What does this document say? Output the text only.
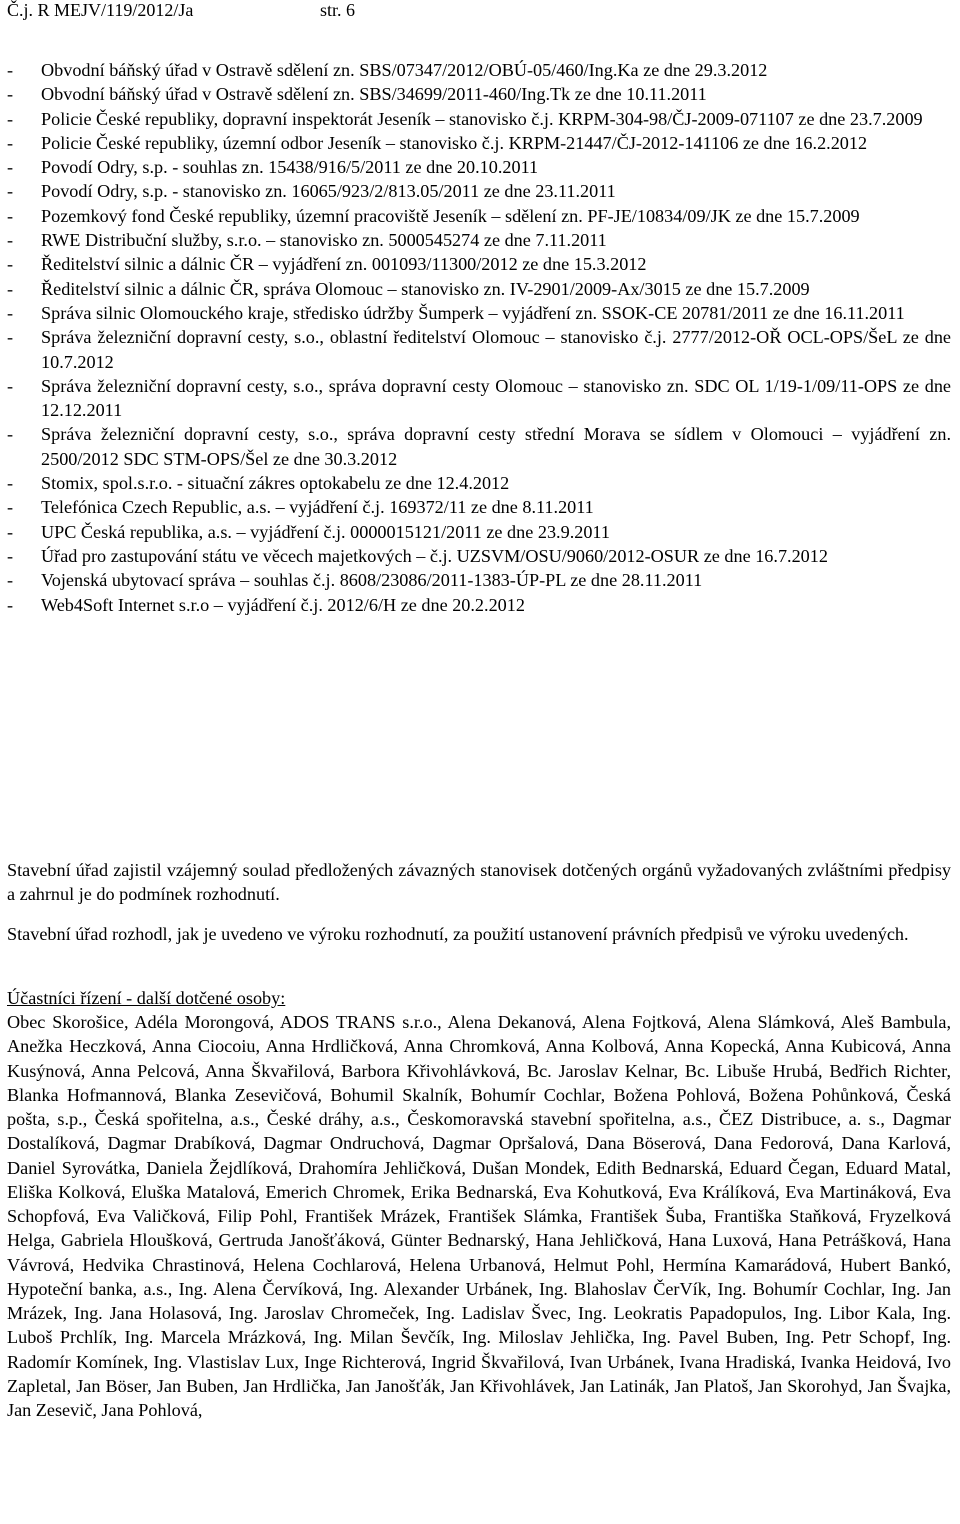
Č.j. R MEJV/119/2012/Ja	str. 6
- Obvodní báňský úřad v Ostravě sdělení zn. SBS/07347/2012/OBÚ-05/460/Ing.Ka ze dne 29.3.2012
- Obvodní báňský úřad v Ostravě sdělení zn. SBS/34699/2011-460/Ing.Tk ze dne 10.11.2011
- Policie České republiky, dopravní inspektorát Jeseník – stanovisko č.j. KRPM-304-98/ČJ-2009-071107 ze dne 23.7.2009
- Policie České republiky, územní odbor Jeseník – stanovisko č.j. KRPM-21447/ČJ-2012-141106 ze dne 16.2.2012
- Povodí Odry, s.p. - souhlas zn. 15438/916/5/2011 ze dne 20.10.2011
- Povodí Odry, s.p. - stanovisko zn. 16065/923/2/813.05/2011 ze dne 23.11.2011
- Pozemkový fond České republiky, územní pracoviště Jeseník – sdělení zn. PF-JE/10834/09/JK ze dne 15.7.2009
- RWE Distribuční služby, s.r.o. – stanovisko zn. 5000545274 ze dne 7.11.2011
- Ředitelství silnic a dálnic ČR – vyjádření zn. 001093/11300/2012 ze dne 15.3.2012
- Ředitelství silnic a dálnic ČR, správa Olomouc – stanovisko zn. IV-2901/2009-Ax/3015 ze dne 15.7.2009
- Správa silnic Olomouckého kraje, středisko údržby Šumperk – vyjádření zn. SSOK-CE 20781/2011 ze dne 16.11.2011
- Správa železniční dopravní cesty, s.o., oblastní ředitelství Olomouc – stanovisko č.j. 2777/2012-OŘ OCL-OPS/ŠeL ze dne 10.7.2012
- Správa železniční dopravní cesty, s.o., správa dopravní cesty Olomouc – stanovisko zn. SDC OL 1/19-1/09/11-OPS ze dne 12.12.2011
- Správa železniční dopravní cesty, s.o., správa dopravní cesty střední Morava se sídlem v Olomouci – vyjádření zn. 2500/2012 SDC STM-OPS/Šel ze dne 30.3.2012
- Stomix, spol.s.r.o. - situační zákres optokabelu ze dne 12.4.2012
- Telefónica Czech Republic, a.s. – vyjádření č.j. 169372/11 ze dne 8.11.2011
- UPC Česká republika, a.s. – vyjádření č.j. 0000015121/2011 ze dne 23.9.2011
- Úřad pro zastupování státu ve věcech majetkových – č.j. UZSVM/OSU/9060/2012-OSUR ze dne 16.7.2012
- Vojenská ubytovací správa – souhlas č.j. 8608/23086/2011-1383-ÚP-PL ze dne 28.11.2011
- Web4Soft Internet s.r.o – vyjádření č.j. 2012/6/H ze dne 20.2.2012

Stavební úřad zajistil vzájemný soulad předložených závazných stanovisek dotčených orgánů vyžadovaných zvláštními předpisy a zahrnul je do podmínek rozhodnutí.

Stavební úřad rozhodl, jak je uvedeno ve výroku rozhodnutí, za použití ustanovení právních předpisů ve výroku uvedených.

Účastníci řízení - další dotčené osoby:

Obec Skorošice, Adéla Morongová, ADOS TRANS s.r.o., Alena Dekanová, Alena Fojtková, Alena Slámková, Aleš Bambula, Anežka Heczková, Anna Ciocoiu, Anna Hrdličková, Anna Chromková, Anna Kolbová, Anna Kopecká, Anna Kubicová, Anna Kusýnová, Anna Pelcová, Anna Škvařilová, Barbora Křivohlávková, Bc. Jaroslav Kelnar, Bc. Libuše Hrubá, Bedřich Richter, Blanka Hofmannová, Blanka Zesevičová, Bohumil Skalník, Bohumír Cochlar, Božena Pohlová, Božena Pohůnková, Česká pošta, s.p., Česká spořitelna, a.s., České dráhy, a.s., Českomoravská stavební spořitelna, a.s., ČEZ Distribuce, a. s., Dagmar Dostalíková, Dagmar Drabíková, Dagmar Ondruchová, Dagmar Opršalová, Dana Böserová, Dana Fedorová, Dana Karlová, Daniel Syrovátka, Daniela Žejdlíková, Drahomíra Jehličková, Dušan Mondek, Edith Bednarská, Eduard Čegan, Eduard Matal, Eliška Kolková, Eluška Matalová, Emerich Chromek, Erika Bednarská, Eva Kohutková, Eva Králíková, Eva Martináková, Eva Schopfová, Eva Valičková, Filip Pohl, František Mrázek, František Slámka, František Šuba, Františka Staňková, Fryzelková Helga, Gabriela Hloušková, Gertruda Janošťáková, Günter Bednarský, Hana Jehličková, Hana Luxová, Hana Petrášková, Hana Vávrová, Hedvika Chrastinová, Helena Cochlarová, Helena Urbanová, Helmut Pohl, Hermína Kamarádová, Hubert Bankó, Hypoteční banka, a.s., Ing. Alena Červíková, Ing. Alexander Urbánek, Ing. Blahoslav ČerVík, Ing. Bohumír Cochlar, Ing. Jan Mrázek, Ing. Jana Holasová, Ing. Jaroslav Chromeček, Ing. Ladislav Švec, Ing. Leokratis Papadopulos, Ing. Libor Kala, Ing. Luboš Prchlík, Ing. Marcela Mrázková, Ing. Milan Ševčík, Ing. Miloslav Jehlička, Ing. Pavel Buben, Ing. Petr Schopf, Ing. Radomír Komínek, Ing. Vlastislav Lux, Inge Richterová, Ingrid Škvařilová, Ivan Urbánek, Ivana Hradiská, Ivanka Heidová, Ivo Zapletal, Jan Böser, Jan Buben, Jan Hrdlička, Jan Janošťák, Jan Křivohlávek, Jan Latinák, Jan Platoš, Jan Skorohyd, Jan Švajka, Jan Zesevič, Jana Pohlová,
